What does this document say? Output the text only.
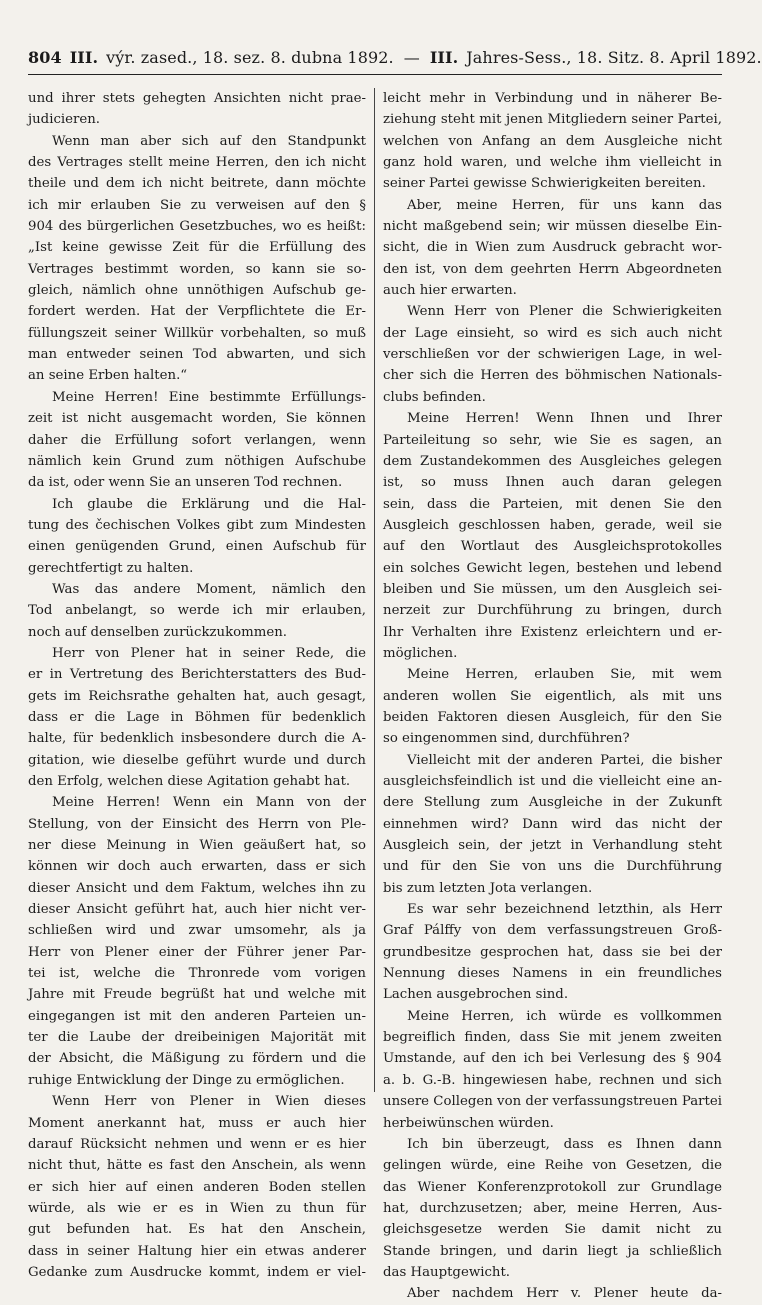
804 III. výr. zased., 18. sez. 8. dubna 1892. — III. Jahres-Sess., 18. Sitz. 8. April 1892.
und ihrer stets gehegten Ansichten nicht prae-
judicieren.
Wenn man aber sich auf den Standpunkt
des Vertrages stellt meine Herren, den ich nicht
theile und dem ich nicht beitrete, dann möchte
ich mir erlauben Sie zu verweisen auf den §
904 des bürgerlichen Gesetzbuches, wo es heißt:
„Ist keine gewisse Zeit für die Erfüllung des
Vertrages bestimmt worden, so kann sie so-
gleich, nämlich ohne unnöthigen Aufschub ge-
fordert werden. Hat der Verpflichtete die Er-
füllungszeit seiner Willkür vorbehalten, so muß
man entweder seinen Tod abwarten, und sich
an seine Erben halten.“
Meine Herren! Eine bestimmte Erfüllungs-
zeit ist nicht ausgemacht worden, Sie können
daher die Erfüllung sofort verlangen, wenn
nämlich kein Grund zum nöthigen Aufschube
da ist, oder wenn Sie an unseren Tod rechnen.
Ich glaube die Erklärung und die Hal-
tung des čechischen Volkes gibt zum Mindesten
einen genügenden Grund, einen Aufschub für
gerechtfertigt zu halten.
Was das andere Moment, nämlich den
Tod anbelangt, so werde ich mir erlauben,
noch auf denselben zurückzukommen.
Herr von Plener hat in seiner Rede, die
er in Vertretung des Berichterstatters des Bud-
gets im Reichsrathe gehalten hat, auch gesagt,
dass er die Lage in Böhmen für bedenklich
halte, für bedenklich insbesondere durch die A-
gitation, wie dieselbe geführt wurde und durch
den Erfolg, welchen diese Agitation gehabt hat.
Meine Herren! Wenn ein Mann von der
Stellung, von der Einsicht des Herrn von Ple-
ner diese Meinung in Wien geäußert hat, so
können wir doch auch erwarten, dass er sich
dieser Ansicht und dem Faktum, welches ihn zu
dieser Ansicht geführt hat, auch hier nicht ver-
schließen wird und zwar umsomehr, als ja
Herr von Plener einer der Führer jener Par-
tei ist, welche die Thronrede vom vorigen
Jahre mit Freude begrüßt hat und welche mit
eingegangen ist mit den anderen Parteien un-
ter die Laube der dreibeinigen Majorität mit
der Absicht, die Mäßigung zu fördern und die
ruhige Entwicklung der Dinge zu ermöglichen.
Wenn Herr von Plener in Wien dieses
Moment anerkannt hat, muss er auch hier
darauf Rücksicht nehmen und wenn er es hier
nicht thut, hätte es fast den Anschein, als wenn
er sich hier auf einen anderen Boden stellen
würde, als wie er es in Wien zu thun für
gut befunden hat. Es hat den Anschein,
dass in seiner Haltung hier ein etwas anderer
Gedanke zum Ausdrucke kommt, indem er viel-
leicht mehr in Verbindung und in näherer Be-
ziehung steht mit jenen Mitgliedern seiner Partei,
welchen von Anfang an dem Ausgleiche nicht
ganz hold waren, und welche ihm vielleicht in
seiner Partei gewisse Schwierigkeiten bereiten.
Aber, meine Herren, für uns kann das
nicht maßgebend sein; wir müssen dieselbe Ein-
sicht, die in Wien zum Ausdruck gebracht wor-
den ist, von dem geehrten Herrn Abgeordneten
auch hier erwarten.
Wenn Herr von Plener die Schwierigkeiten
der Lage einsieht, so wird es sich auch nicht
verschließen vor der schwierigen Lage, in wel-
cher sich die Herren des böhmischen Nationals-
clubs befinden.
Meine Herren! Wenn Ihnen und Ihrer
Parteileitung so sehr, wie Sie es sagen, an
dem Zustandekommen des Ausgleiches gelegen
ist, so muss Ihnen auch daran gelegen
sein, dass die Parteien, mit denen Sie den
Ausgleich geschlossen haben, gerade, weil sie
auf den Wortlaut des Ausgleichsprotokolles
ein solches Gewicht legen, bestehen und lebend
bleiben und Sie müssen, um den Ausgleich sei-
nerzeit zur Durchführung zu bringen, durch
Ihr Verhalten ihre Existenz erleichtern und er-
möglichen.
Meine Herren, erlauben Sie, mit wem
anderen wollen Sie eigentlich, als mit uns
beiden Faktoren diesen Ausgleich, für den Sie
so eingenommen sind, durchführen?
Vielleicht mit der anderen Partei, die bisher
ausgleichsfeindlich ist und die vielleicht eine an-
dere Stellung zum Ausgleiche in der Zukunft
einnehmen wird? Dann wird das nicht der
Ausgleich sein, der jetzt in Verhandlung steht
und für den Sie von uns die Durchführung
bis zum letzten Jota verlangen.
Es war sehr bezeichnend letzthin, als Herr
Graf Pálffy von dem verfassungstreuen Groß-
grundbesitze gesprochen hat, dass sie bei der
Nennung dieses Namens in ein freundliches
Lachen ausgebrochen sind.
Meine Herren, ich würde es vollkommen
begreiflich finden, dass Sie mit jenem zweiten
Umstande, auf den ich bei Verlesung des § 904
a. b. G.-B. hingewiesen habe, rechnen und sich
unsere Collegen von der verfassungstreuen Partei
herbeiwünschen würden.
Ich bin überzeugt, dass es Ihnen dann
gelingen würde, eine Reihe von Gesetzen, die
das Wiener Konferenzprotokoll zur Grundlage
hat, durchzusetzen; aber, meine Herren, Aus-
gleichsgesetze werden Sie damit nicht zu
Stande bringen, und darin liegt ja schließlich
das Hauptgewicht.
Aber nachdem Herr v. Plener heute da-
